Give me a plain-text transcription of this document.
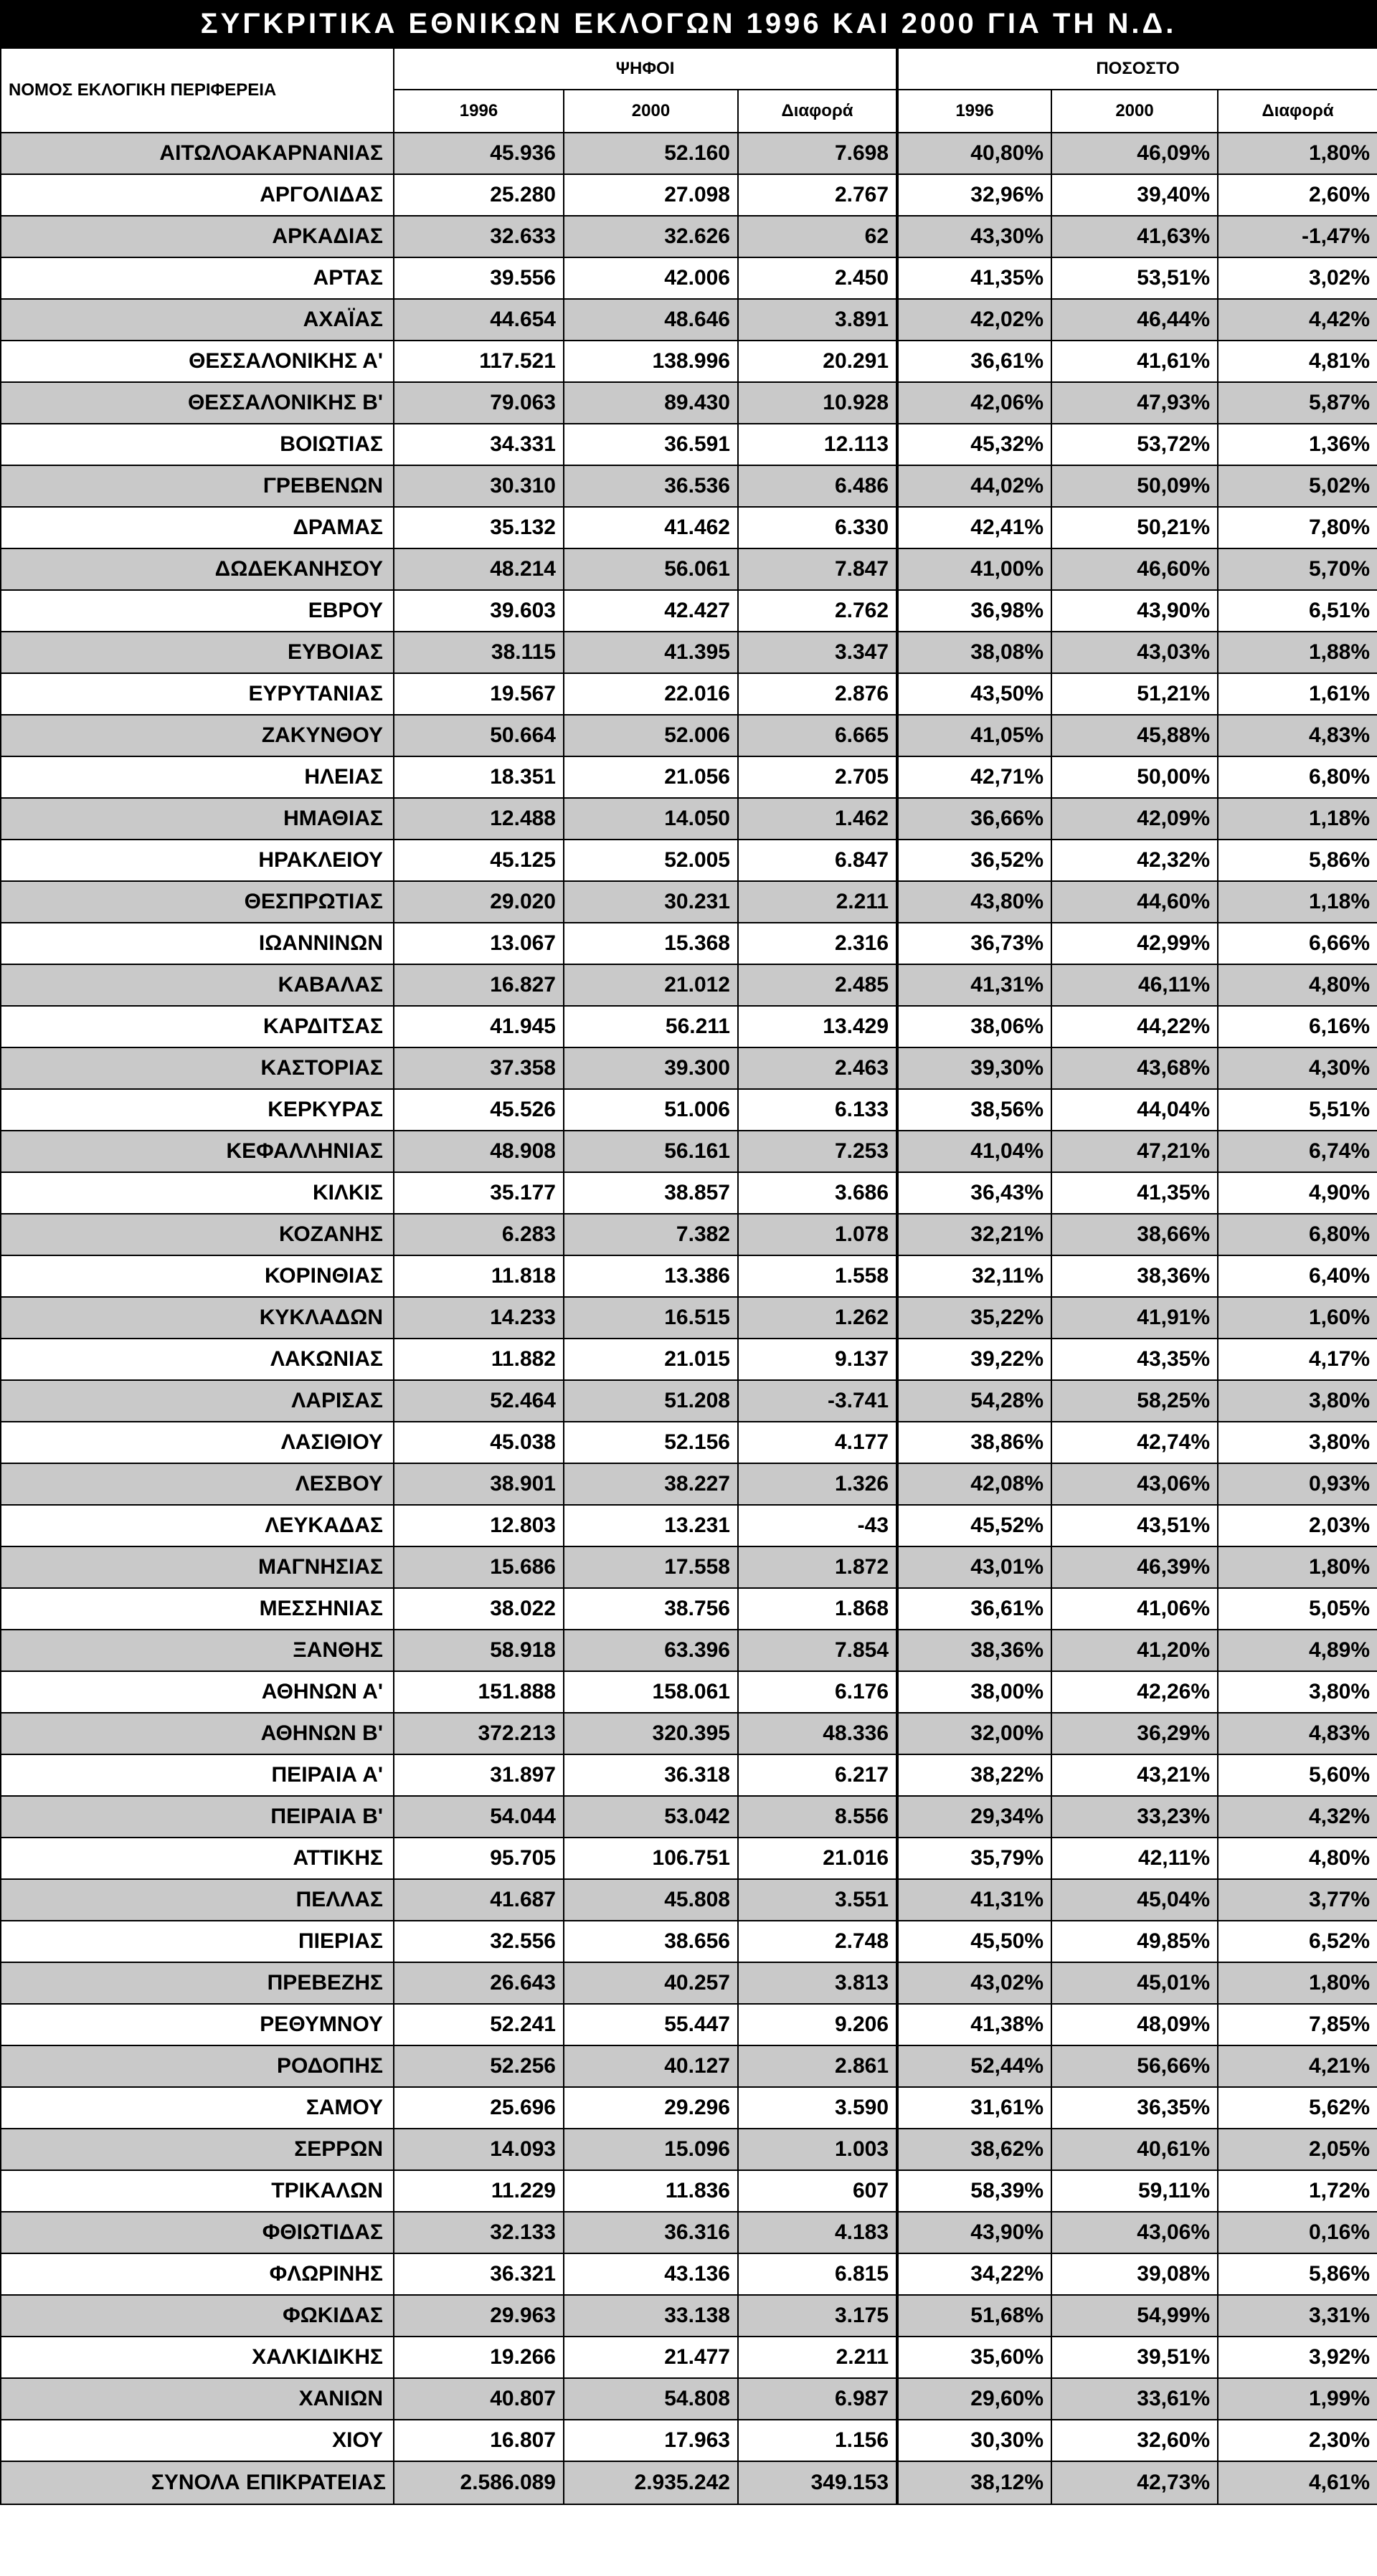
ΣΥΓΚΡΙΤΙΚΑ ΕΘΝΙΚΩΝ ΕΚΛΟΓΩΝ 1996 ΚΑΙ 2000 ΓΙΑ ΤΗ Ν.Δ.
ΝΟΜΟΣ ΕΚΛΟΓΙΚΗ ΠΕΡΙΦΕΡΕΙΑ	ΨΗΦΟΙ			ΠΟΣΟΣΤΟ		
	1996	2000	Διαφορά	1996	2000	Διαφορά
ΑΙΤΩΛΟΑΚΑΡΝΑΝΙΑΣ	45.936	52.160	7.698	40,80%	46,09%	1,80%
ΑΡΓΟΛΙΔΑΣ	25.280	27.098	2.767	32,96%	39,40%	2,60%
ΑΡΚΑΔΙΑΣ	32.633	32.626	62	43,30%	41,63%	-1,47%
ΑΡΤΑΣ	39.556	42.006	2.450	41,35%	53,51%	3,02%
ΑΧΑΪΑΣ	44.654	48.646	3.891	42,02%	46,44%	4,42%
ΘΕΣΣΑΛΟΝΙΚΗΣ Α'	117.521	138.996	20.291	36,61%	41,61%	4,81%
ΘΕΣΣΑΛΟΝΙΚΗΣ Β'	79.063	89.430	10.928	42,06%	47,93%	5,87%
ΒΟΙΩΤΙΑΣ	34.331	36.591	12.113	45,32%	53,72%	1,36%
ΓΡΕΒΕΝΩΝ	30.310	36.536	6.486	44,02%	50,09%	5,02%
ΔΡΑΜΑΣ	35.132	41.462	6.330	42,41%	50,21%	7,80%
ΔΩΔΕΚΑΝΗΣΟΥ	48.214	56.061	7.847	41,00%	46,60%	5,70%
ΕΒΡΟΥ	39.603	42.427	2.762	36,98%	43,90%	6,51%
ΕΥΒΟΙΑΣ	38.115	41.395	3.347	38,08%	43,03%	1,88%
ΕΥΡΥΤΑΝΙΑΣ	19.567	22.016	2.876	43,50%	51,21%	1,61%
ΖΑΚΥΝΘΟΥ	50.664	52.006	6.665	41,05%	45,88%	4,83%
ΗΛΕΙΑΣ	18.351	21.056	2.705	42,71%	50,00%	6,80%
ΗΜΑΘΙΑΣ	12.488	14.050	1.462	36,66%	42,09%	1,18%
ΗΡΑΚΛΕΙΟΥ	45.125	52.005	6.847	36,52%	42,32%	5,86%
ΘΕΣΠΡΩΤΙΑΣ	29.020	30.231	2.211	43,80%	44,60%	1,18%
ΙΩΑΝΝΙΝΩΝ	13.067	15.368	2.316	36,73%	42,99%	6,66%
ΚΑΒΑΛΑΣ	16.827	21.012	2.485	41,31%	46,11%	4,80%
ΚΑΡΔΙΤΣΑΣ	41.945	56.211	13.429	38,06%	44,22%	6,16%
ΚΑΣΤΟΡΙΑΣ	37.358	39.300	2.463	39,30%	43,68%	4,30%
ΚΕΡΚΥΡΑΣ	45.526	51.006	6.133	38,56%	44,04%	5,51%
ΚΕΦΑΛΛΗΝΙΑΣ	48.908	56.161	7.253	41,04%	47,21%	6,74%
ΚΙΛΚΙΣ	35.177	38.857	3.686	36,43%	41,35%	4,90%
ΚΟΖΑΝΗΣ	6.283	7.382	1.078	32,21%	38,66%	6,80%
ΚΟΡΙΝΘΙΑΣ	11.818	13.386	1.558	32,11%	38,36%	6,40%
ΚΥΚΛΑΔΩΝ	14.233	16.515	1.262	35,22%	41,91%	1,60%
ΛΑΚΩΝΙΑΣ	11.882	21.015	9.137	39,22%	43,35%	4,17%
ΛΑΡΙΣΑΣ	52.464	51.208	-3.741	54,28%	58,25%	3,80%
ΛΑΣΙΘΙΟΥ	45.038	52.156	4.177	38,86%	42,74%	3,80%
ΛΕΣΒΟΥ	38.901	38.227	1.326	42,08%	43,06%	0,93%
ΛΕΥΚΑΔΑΣ	12.803	13.231	-43	45,52%	43,51%	2,03%
ΜΑΓΝΗΣΙΑΣ	15.686	17.558	1.872	43,01%	46,39%	1,80%
ΜΕΣΣΗΝΙΑΣ	38.022	38.756	1.868	36,61%	41,06%	5,05%
ΞΑΝΘΗΣ	58.918	63.396	7.854	38,36%	41,20%	4,89%
ΑΘΗΝΩΝ Α'	151.888	158.061	6.176	38,00%	42,26%	3,80%
ΑΘΗΝΩΝ Β'	372.213	320.395	48.336	32,00%	36,29%	4,83%
ΠΕΙΡΑΙΑ Α'	31.897	36.318	6.217	38,22%	43,21%	5,60%
ΠΕΙΡΑΙΑ Β'	54.044	53.042	8.556	29,34%	33,23%	4,32%
ΑΤΤΙΚΗΣ	95.705	106.751	21.016	35,79%	42,11%	4,80%
ΠΕΛΛΑΣ	41.687	45.808	3.551	41,31%	45,04%	3,77%
ΠΙΕΡΙΑΣ	32.556	38.656	2.748	45,50%	49,85%	6,52%
ΠΡΕΒΕΖΗΣ	26.643	40.257	3.813	43,02%	45,01%	1,80%
ΡΕΘΥΜΝΟΥ	52.241	55.447	9.206	41,38%	48,09%	7,85%
ΡΟΔΟΠΗΣ	52.256	40.127	2.861	52,44%	56,66%	4,21%
ΣΑΜΟΥ	25.696	29.296	3.590	31,61%	36,35%	5,62%
ΣΕΡΡΩΝ	14.093	15.096	1.003	38,62%	40,61%	2,05%
ΤΡΙΚΑΛΩΝ	11.229	11.836	607	58,39%	59,11%	1,72%
ΦΘΙΩΤΙΔΑΣ	32.133	36.316	4.183	43,90%	43,06%	0,16%
ΦΛΩΡΙΝΗΣ	36.321	43.136	6.815	34,22%	39,08%	5,86%
ΦΩΚΙΔΑΣ	29.963	33.138	3.175	51,68%	54,99%	3,31%
ΧΑΛΚΙΔΙΚΗΣ	19.266	21.477	2.211	35,60%	39,51%	3,92%
ΧΑΝΙΩΝ	40.807	54.808	6.987	29,60%	33,61%	1,99%
ΧΙΟΥ	16.807	17.963	1.156	30,30%	32,60%	2,30%
ΣΥΝΟΛΑ ΕΠΙΚΡΑΤΕΙΑΣ	2.586.089	2.935.242	349.153	38,12%	42,73%	4,61%
